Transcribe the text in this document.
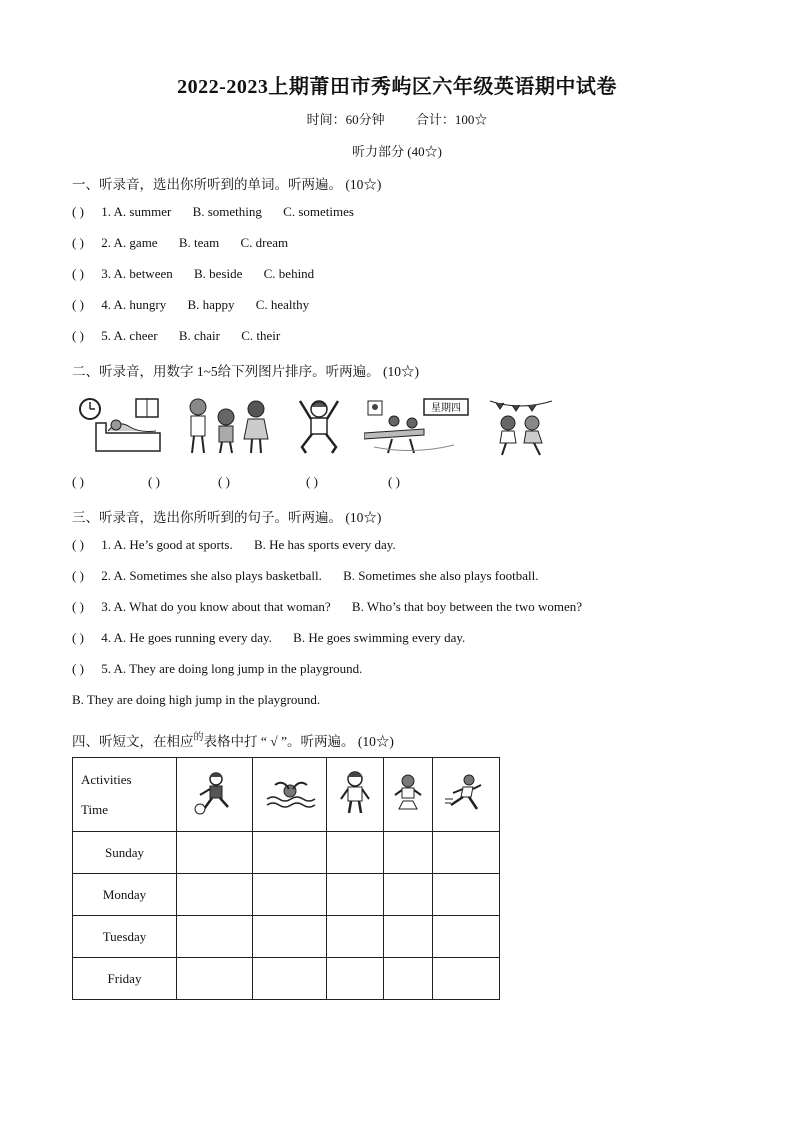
2022-2023上期莆田市秀屿区六年级英语期中试卷
时间：60分钟 合计：100☆
听力部分 (40☆)
一、听录音，选出你所听到的单词。听两遍。 (10☆)
( ) 1. A. summer B. something C. sometimes
( ) 2. A. game B. team C. dream
( ) 3. A. between B. beside C. behind
( ) 4. A. hungry B. happy C. healthy
( ) 5. A. cheer B. chair C. their
二、听录音，用数字 1~5给下列图片排序。听两遍。 (10☆)
星期四
( )	( )	( )	( )	( )
三、听录音，选出你所听到的句子。听两遍。 (10☆)
( ) 1. A. He’s good at sports. B. He has sports every day.
( ) 2. A. Sometimes she also plays basketball. B. Sometimes she also plays football.
( ) 3. A. What do you know about that woman? B. Who’s that boy between the two women?
( ) 4. A. He goes running every day. B. He goes swimming every day.
( ) 5. A. They are doing long jump in the playground.
B. They are doing high jump in the playground.
四、听短文，在相应$^的$表格中打 “ √ ”。听两遍。 (10☆)
Activities
Time

Sunday					
Monday					
Tuesday					
Friday					
